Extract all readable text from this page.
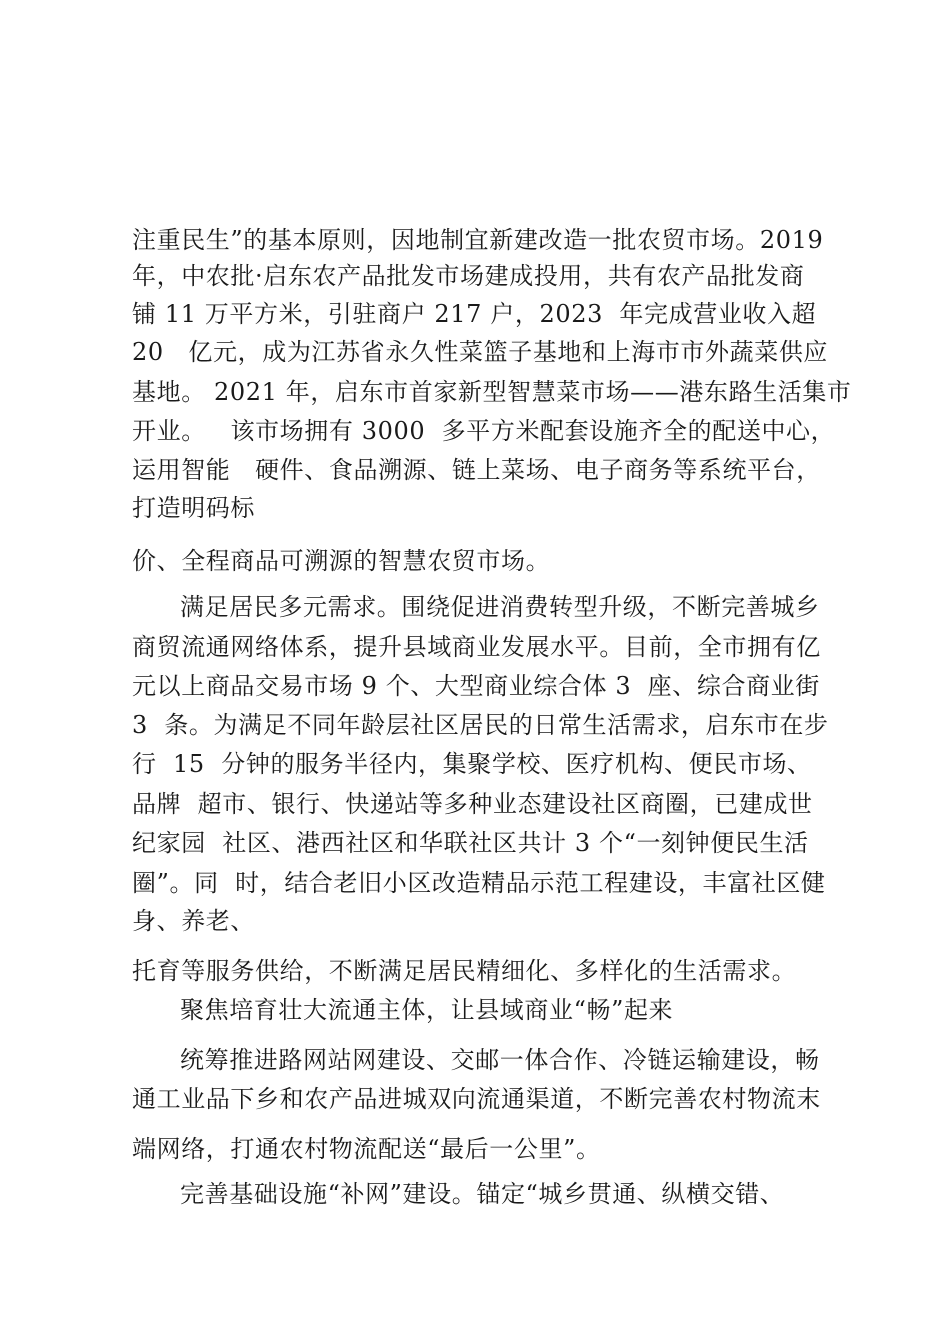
注重民生”的基本原则，因地制宜新建改造一批农贸市场。2019
年，中农批·启东农产品批发市场建成投用，共有农产品批发商
铺 11 万平方米，引驻商户 217 户，2023  年完成营业收入超
20   亿元，成为江苏省永久性菜篮子基地和上海市市外蔬菜供应
基地。 2021 年，启东市首家新型智慧菜市场——港东路生活集市
开业。   该市场拥有 3000  多平方米配套设施齐全的配送中心，
运用智能   硬件、食品溯源、链上菜场、电子商务等系统平台，
打造明码标
价、全程商品可溯源的智慧农贸市场。
满足居民多元需求。围绕促进消费转型升级，不断完善城乡
商贸流通网络体系，提升县域商业发展水平。目前，全市拥有亿
元以上商品交易市场 9 个、大型商业综合体 3  座、综合商业街
3  条。为满足不同年龄层社区居民的日常生活需求，启东市在步
行  15  分钟的服务半径内，集聚学校、医疗机构、便民市场、
品牌  超市、银行、快递站等多种业态建设社区商圈，已建成世
纪家园  社区、港西社区和华联社区共计 3 个“一刻钟便民生活
圈”。同  时，结合老旧小区改造精品示范工程建设，丰富社区健
身、养老、
托育等服务供给，不断满足居民精细化、多样化的生活需求。
聚焦培育壮大流通主体，让县域商业“畅”起来
统筹推进路网站网建设、交邮一体合作、冷链运输建设，畅
通工业品下乡和农产品进城双向流通渠道，不断完善农村物流末
端网络，打通农村物流配送“最后一公里”。
完善基础设施“补网”建设。锚定“城乡贯通、纵横交错、
